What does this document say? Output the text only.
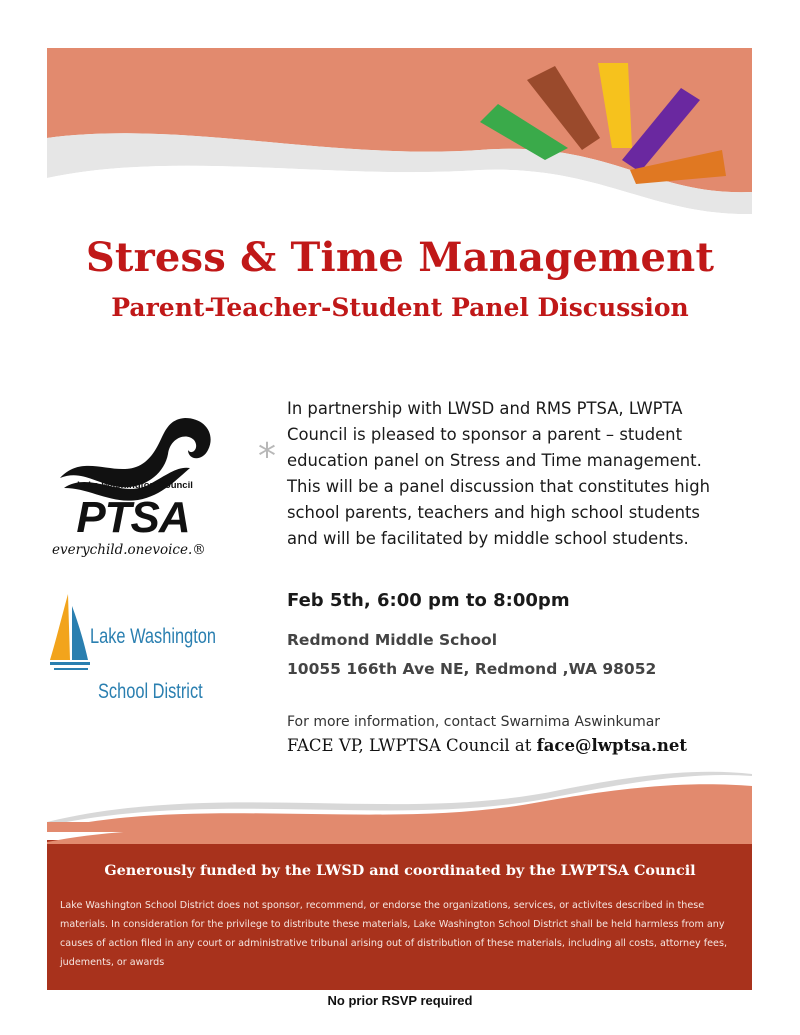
Stress & Time Management
Parent-Teacher-Student Panel Discussion
Lake Washington Council
PTSA
everychild.onevoice.®
Lake Washington
School District
*
In partnership with LWSD and RMS PTSA, LWPTA
Council is pleased to sponsor a parent – student
education panel on Stress and Time management.
This will be a panel discussion that constitutes high
school parents, teachers and high school students
and will be facilitated by middle school students.
Feb 5th, 6:00 pm to 8:00pm
Redmond Middle School
10055 166th Ave NE, Redmond ,WA 98052
For more information, contact Swarnima Aswinkumar
FACE VP, LWPTSA Council at face@lwptsa.net
Generously funded by the LWSD and coordinated by the LWPTSA Council
Lake Washington School District does not sponsor, recommend, or endorse the organizations, services, or activites described in these materials. In consideration for the privilege to distribute these materials, Lake Washington School District shall be held harmless from any causes of action filed in any court or administrative tribunal arising out of distribution of these materials, including all costs, attorney fees, judements, or awards
No prior RSVP required
